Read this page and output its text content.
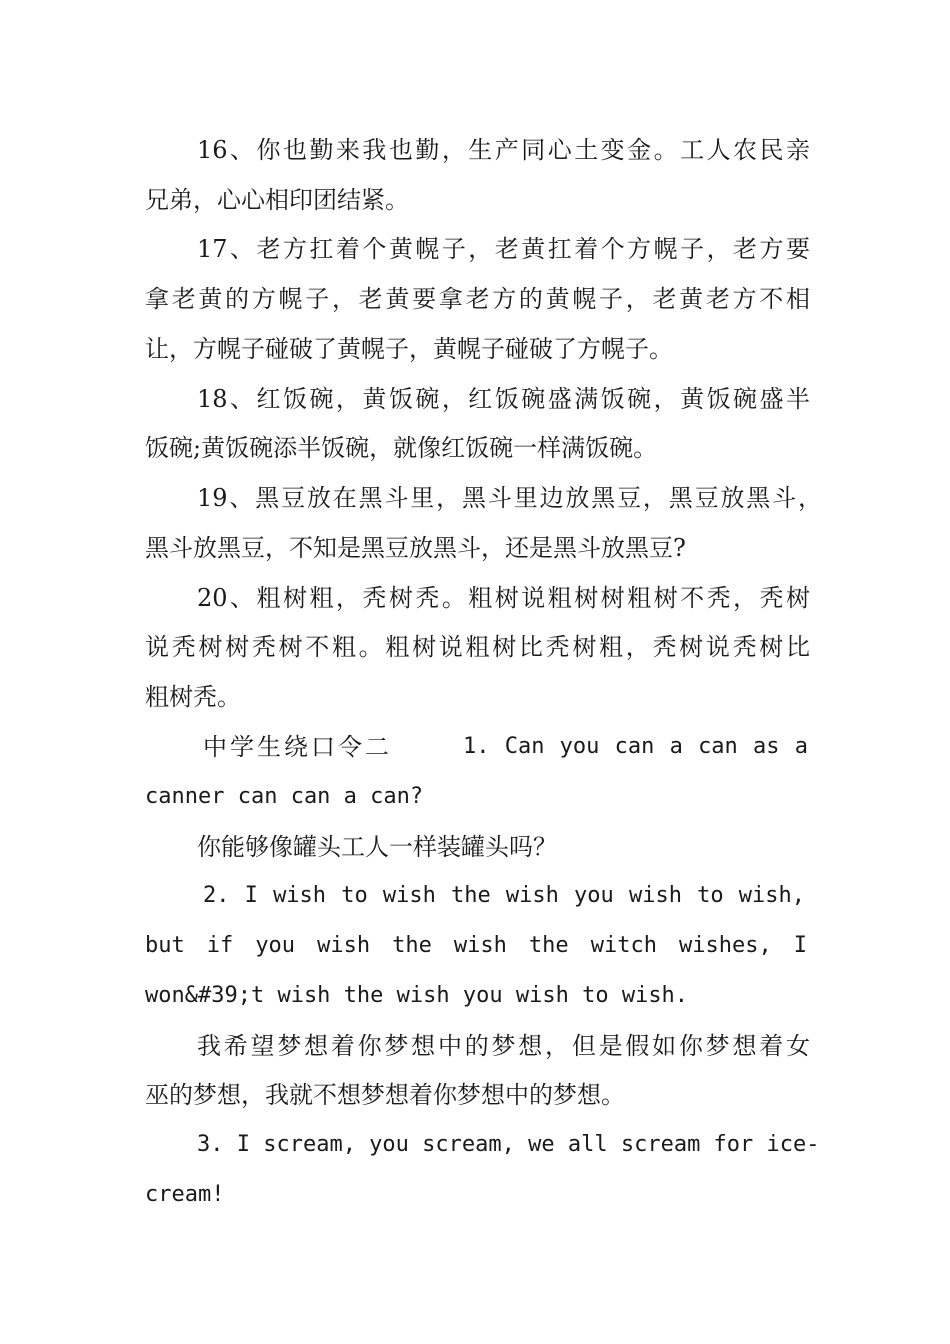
16、你也勤来我也勤，生产同心土变金。工人农民亲
兄弟，心心相印团结紧。
17、老方扛着个黄幌子，老黄扛着个方幌子，老方要
拿老黄的方幌子，老黄要拿老方的黄幌子，老黄老方不相
让，方幌子碰破了黄幌子，黄幌子碰破了方幌子。
18、红饭碗，黄饭碗，红饭碗盛满饭碗，黄饭碗盛半
饭碗;黄饭碗添半饭碗，就像红饭碗一样满饭碗。
19、黑豆放在黑斗里，黑斗里边放黑豆，黑豆放黑斗，
黑斗放黑豆，不知是黑豆放黑斗，还是黑斗放黑豆?
20、粗树粗，秃树秃。粗树说粗树树粗树不秃，秃树
说秃树树秃树不粗。粗树说粗树比秃树粗，秃树说秃树比
粗树秃。
中学生绕口令二	1. Can you can a can as a
canner can can a can?
你能够像罐头工人一样装罐头吗？
2. I wish to wish the wish you wish to wish,
but if you wish the wish the witch wishes, I
won&#39;t wish the wish you wish to wish.
我希望梦想着你梦想中的梦想，但是假如你梦想着女
巫的梦想，我就不想梦想着你梦想中的梦想。
3. I scream, you scream, we all scream for ice-
cream!
